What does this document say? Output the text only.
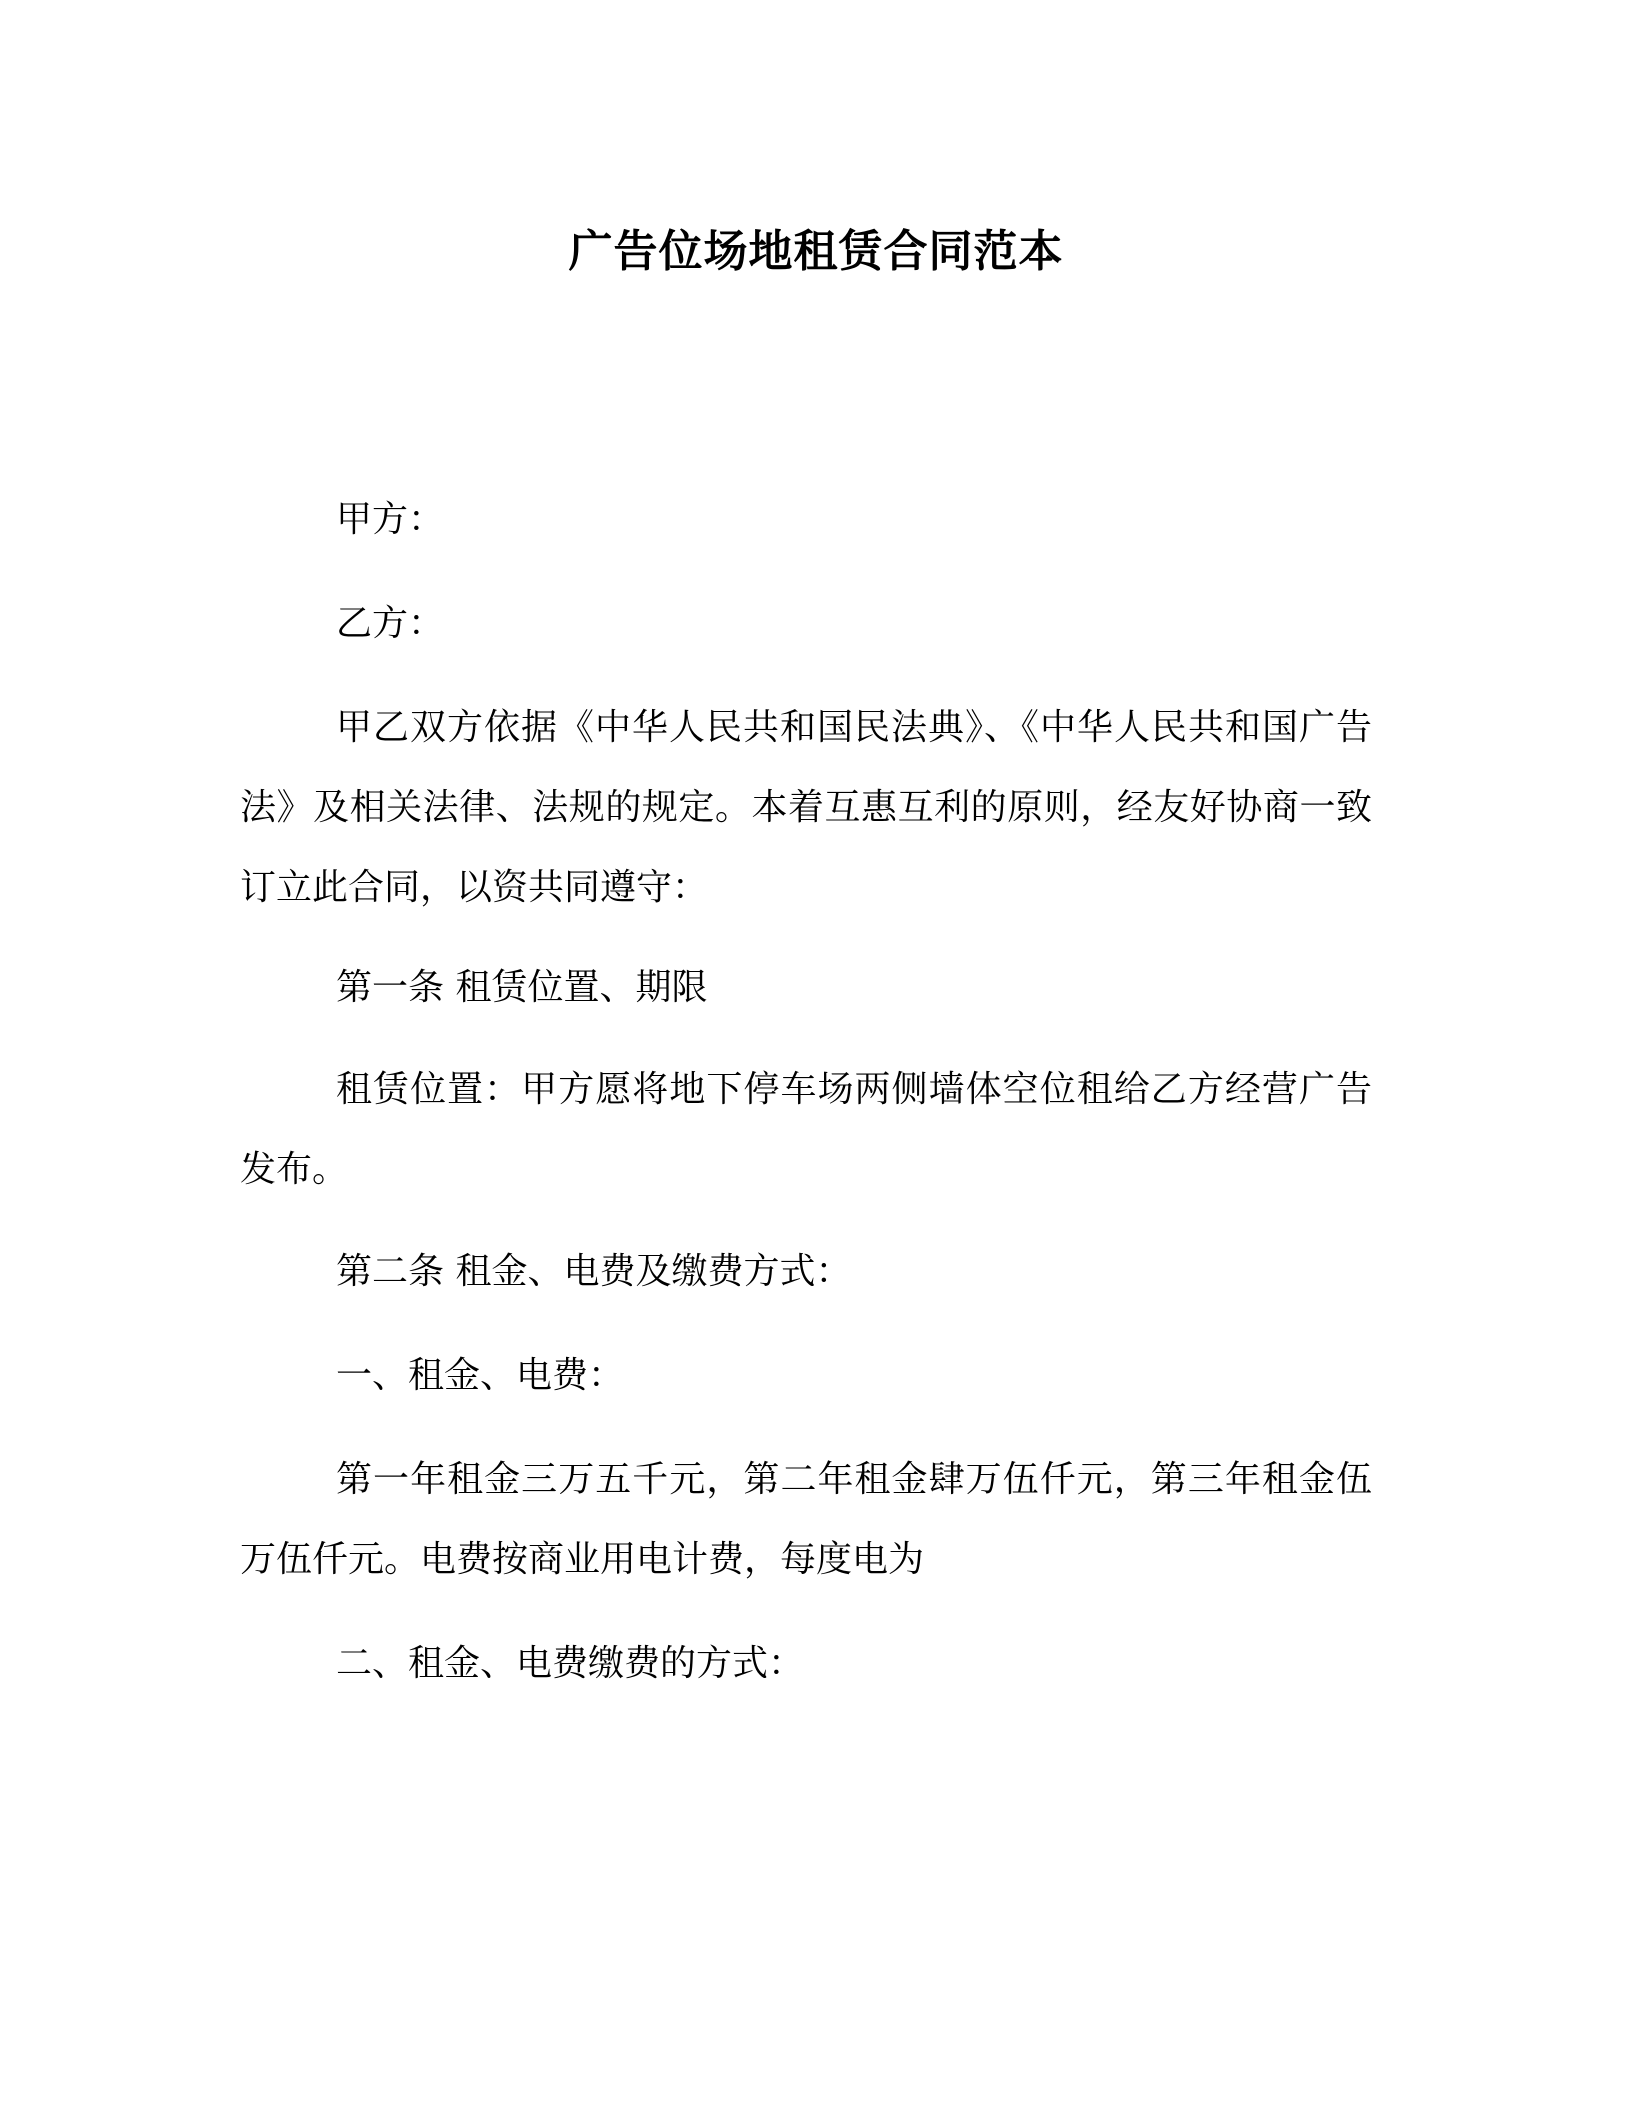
广告位场地租赁合同范本

甲方：

乙方：

甲乙双方依据《中华人民共和国民法典》、《中华人民共和国广告法》及相关法律、法规的规定。本着互惠互利的原则，经友好协商一致订立此合同，以资共同遵守：

第一条 租赁位置、期限

租赁位置：甲方愿将地下停车场两侧墙体空位租给乙方经营广告发布。

第二条 租金、电费及缴费方式：

一、租金、电费：

第一年租金三万五千元，第二年租金肆万伍仟元，第三年租金伍万伍仟元。电费按商业用电计费，每度电为

二、租金、电费缴费的方式：
